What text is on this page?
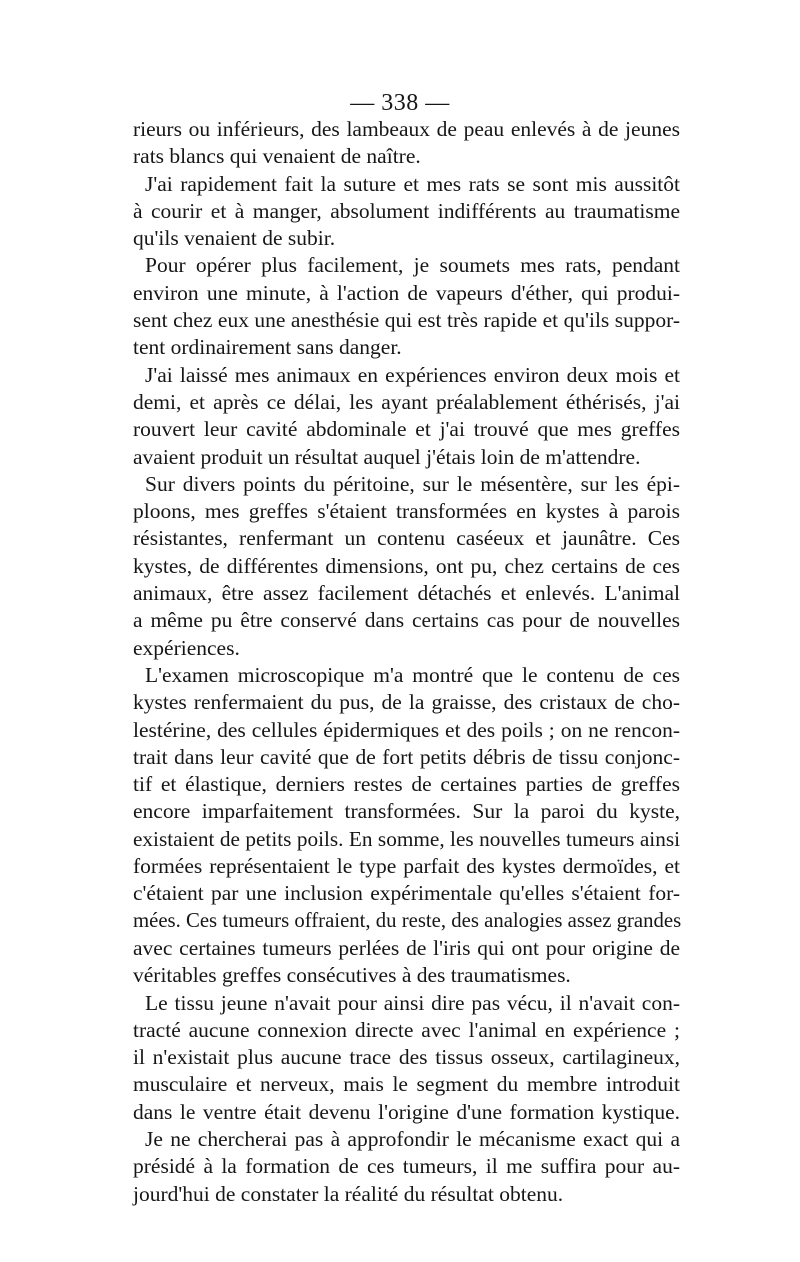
— 338 —
rieurs ou inférieurs, des lambeaux de peau enlevés à de jeunes
rats blancs qui venaient de naître.
J'ai rapidement fait la suture et mes rats se sont mis aussitôt
à courir et à manger, absolument indifférents au traumatisme
qu'ils venaient de subir.
Pour opérer plus facilement, je soumets mes rats, pendant
environ une minute, à l'action de vapeurs d'éther, qui produi-
sent chez eux une anesthésie qui est très rapide et qu'ils suppor-
tent ordinairement sans danger.
J'ai laissé mes animaux en expériences environ deux mois et
demi, et après ce délai, les ayant préalablement éthérisés, j'ai
rouvert leur cavité abdominale et j'ai trouvé que mes greffes
avaient produit un résultat auquel j'étais loin de m'attendre.
Sur divers points du péritoine, sur le mésentère, sur les épi-
ploons, mes greffes s'étaient transformées en kystes à parois
résistantes, renfermant un contenu caséeux et jaunâtre. Ces
kystes, de différentes dimensions, ont pu, chez certains de ces
animaux, être assez facilement détachés et enlevés. L'animal
a même pu être conservé dans certains cas pour de nouvelles
expériences.
L'examen microscopique m'a montré que le contenu de ces
kystes renfermaient du pus, de la graisse, des cristaux de cho-
lestérine, des cellules épidermiques et des poils ; on ne rencon-
trait dans leur cavité que de fort petits débris de tissu conjonc-
tif et élastique, derniers restes de certaines parties de greffes
encore imparfaitement transformées. Sur la paroi du kyste,
existaient de petits poils. En somme, les nouvelles tumeurs ainsi
formées représentaient le type parfait des kystes dermoïdes, et
c'étaient par une inclusion expérimentale qu'elles s'étaient for-
mées. Ces tumeurs offraient, du reste, des analogies assez grandes
avec certaines tumeurs perlées de l'iris qui ont pour origine de
véritables greffes consécutives à des traumatismes.
Le tissu jeune n'avait pour ainsi dire pas vécu, il n'avait con-
tracté aucune connexion directe avec l'animal en expérience ;
il n'existait plus aucune trace des tissus osseux, cartilagineux,
musculaire et nerveux, mais le segment du membre introduit
dans le ventre était devenu l'origine d'une formation kystique.
Je ne chercherai pas à approfondir le mécanisme exact qui a
présidé à la formation de ces tumeurs, il me suffira pour au-
jourd'hui de constater la réalité du résultat obtenu.
